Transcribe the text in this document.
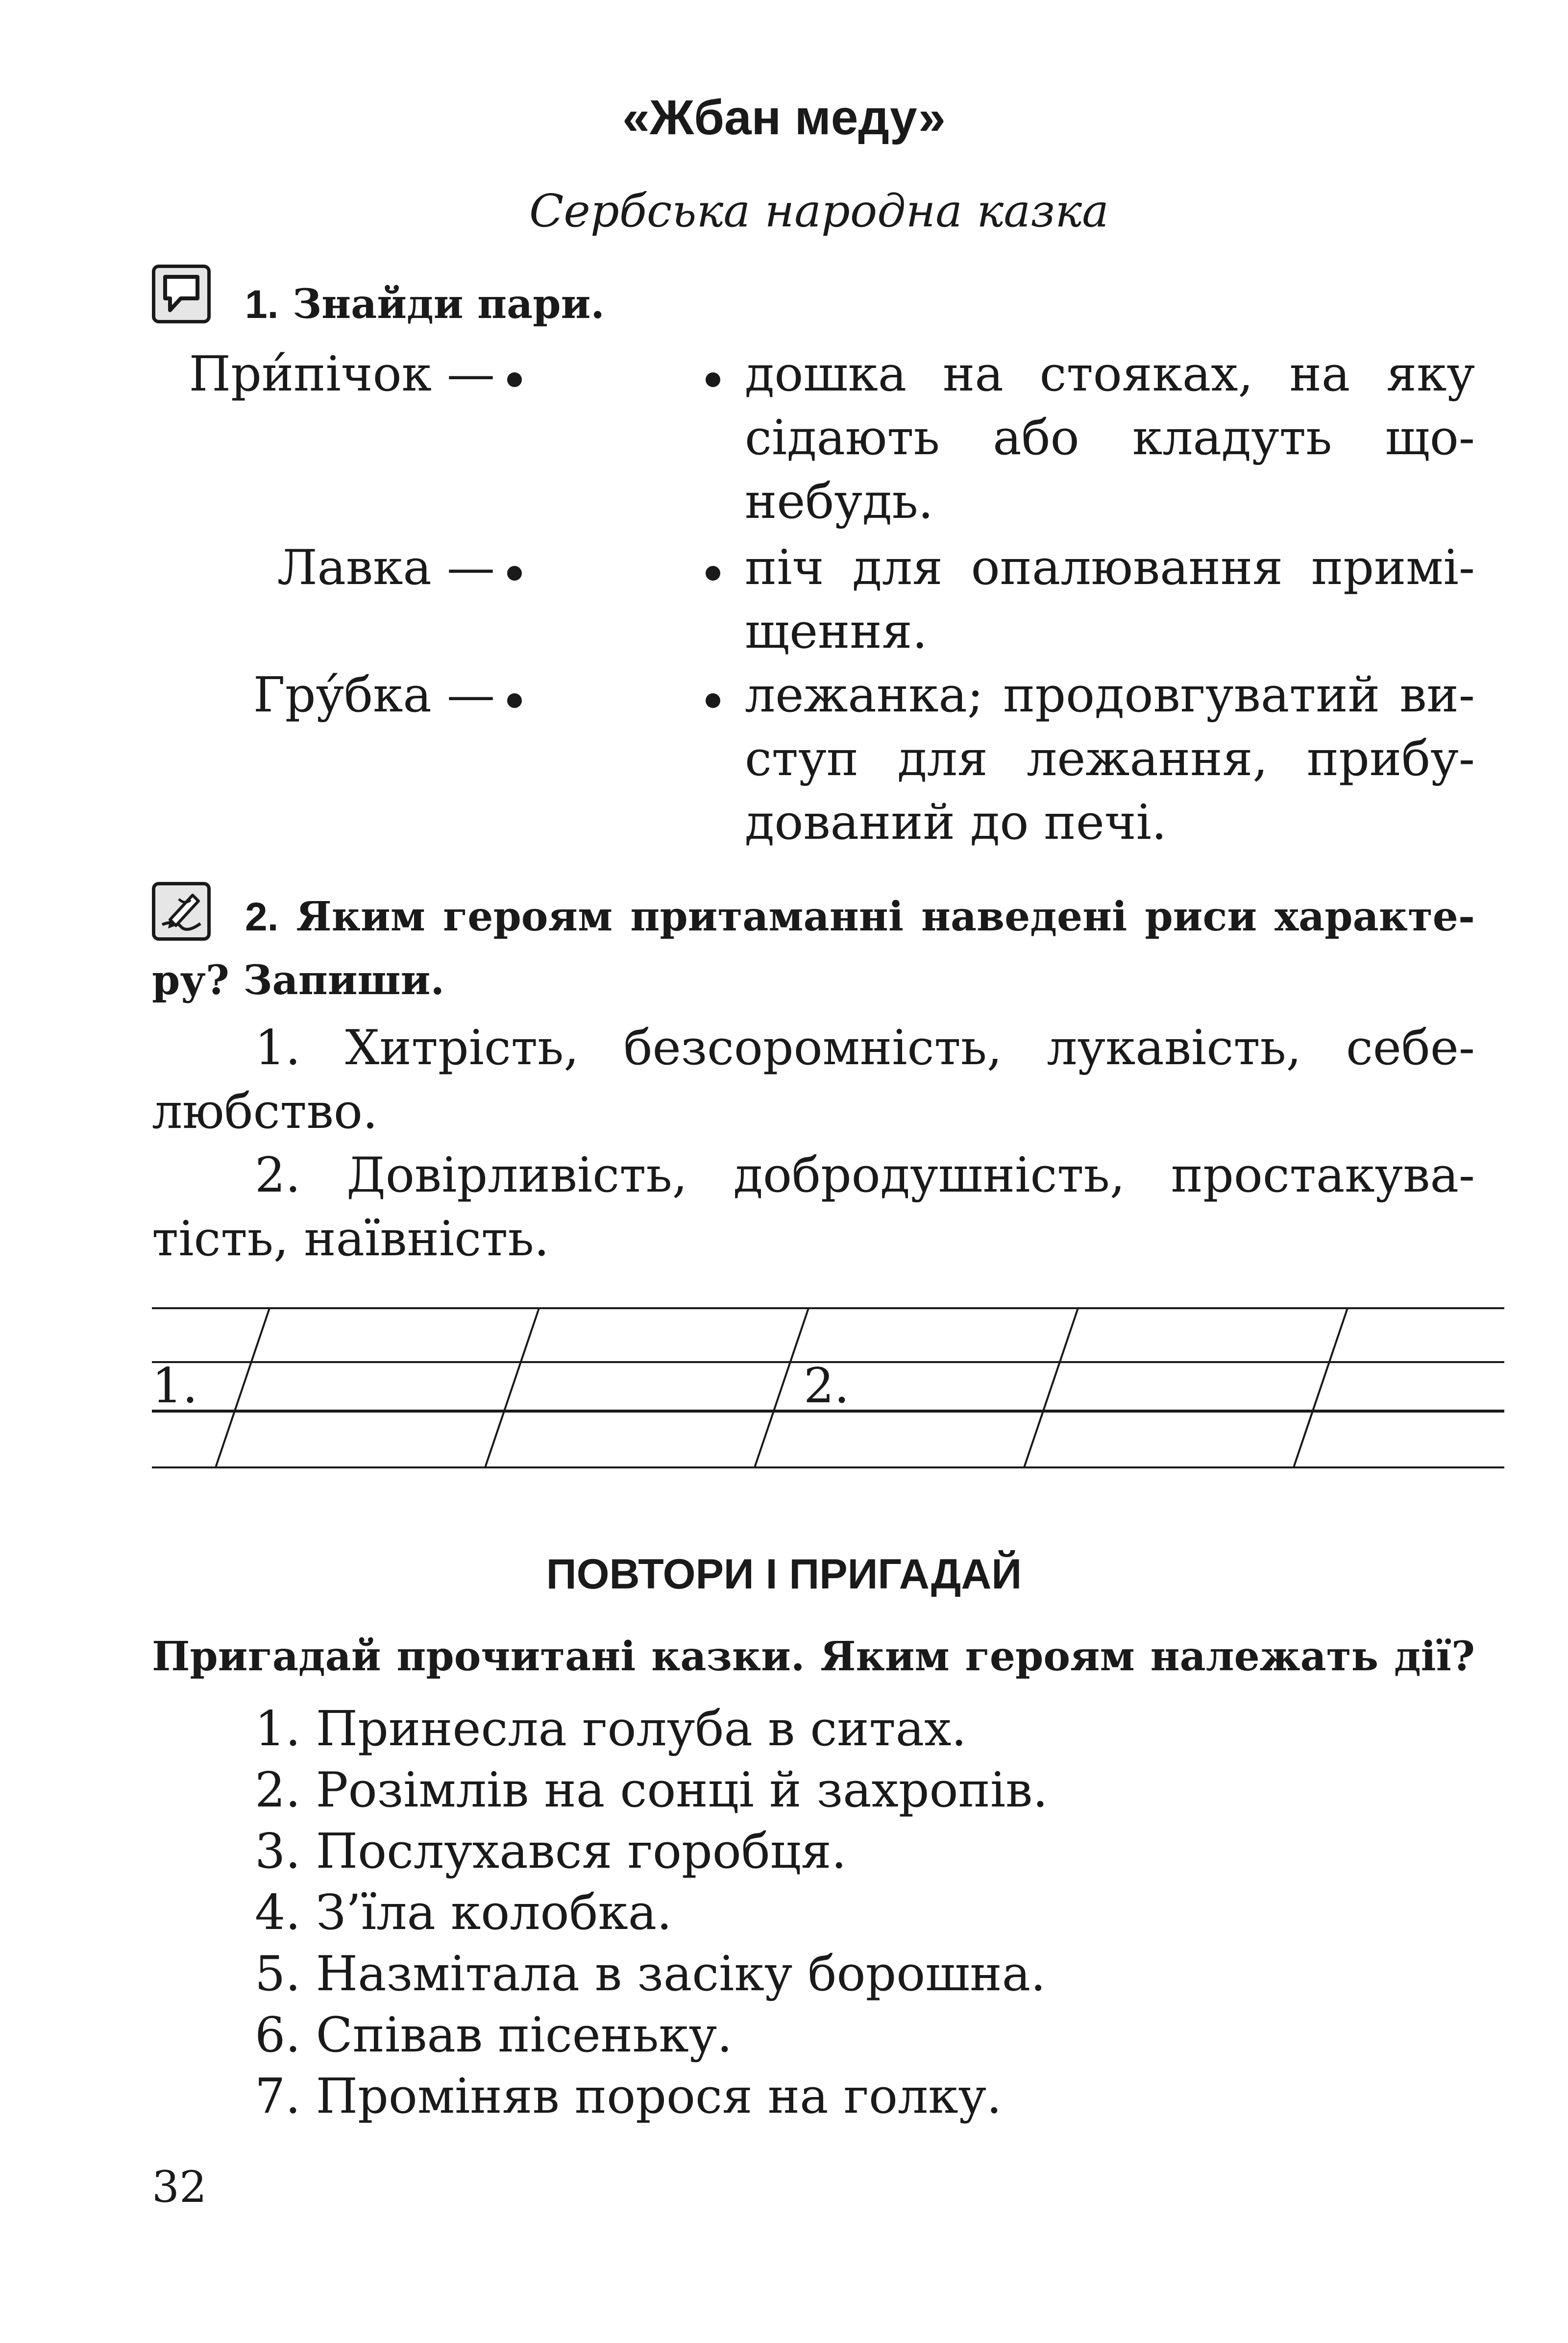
«Жбан меду»
Сербська народна казка
1. Знайди пари.
При́пічок —
Лавка —
Гру́бка —
дошка на стояках, на яку
сідають або кладуть що-
небудь.
піч для опалювання примі-
щення.
лежанка; продовгуватий ви-
ступ для лежання, прибу-
дований до печі.
2. Яким героям притаманні наведені риси характе-
ру? Запиши.
1. Хитрість, безсоромність, лукавість, себе-
любство.
2. Довірливість, добродушність, простакува-
тість, наївність.
1.	2.
ПОВТОРИ І ПРИГАДАЙ
Пригадай прочитані казки. Яким героям належать дії?
1. Принесла голуба в ситах.
2. Розімлів на сонці й захропів.
3. Послухався горобця.
4. З’їла колобка.
5. Назмітала в засіку борошна.
6. Співав пісеньку.
7. Проміняв порося на голку.
32
